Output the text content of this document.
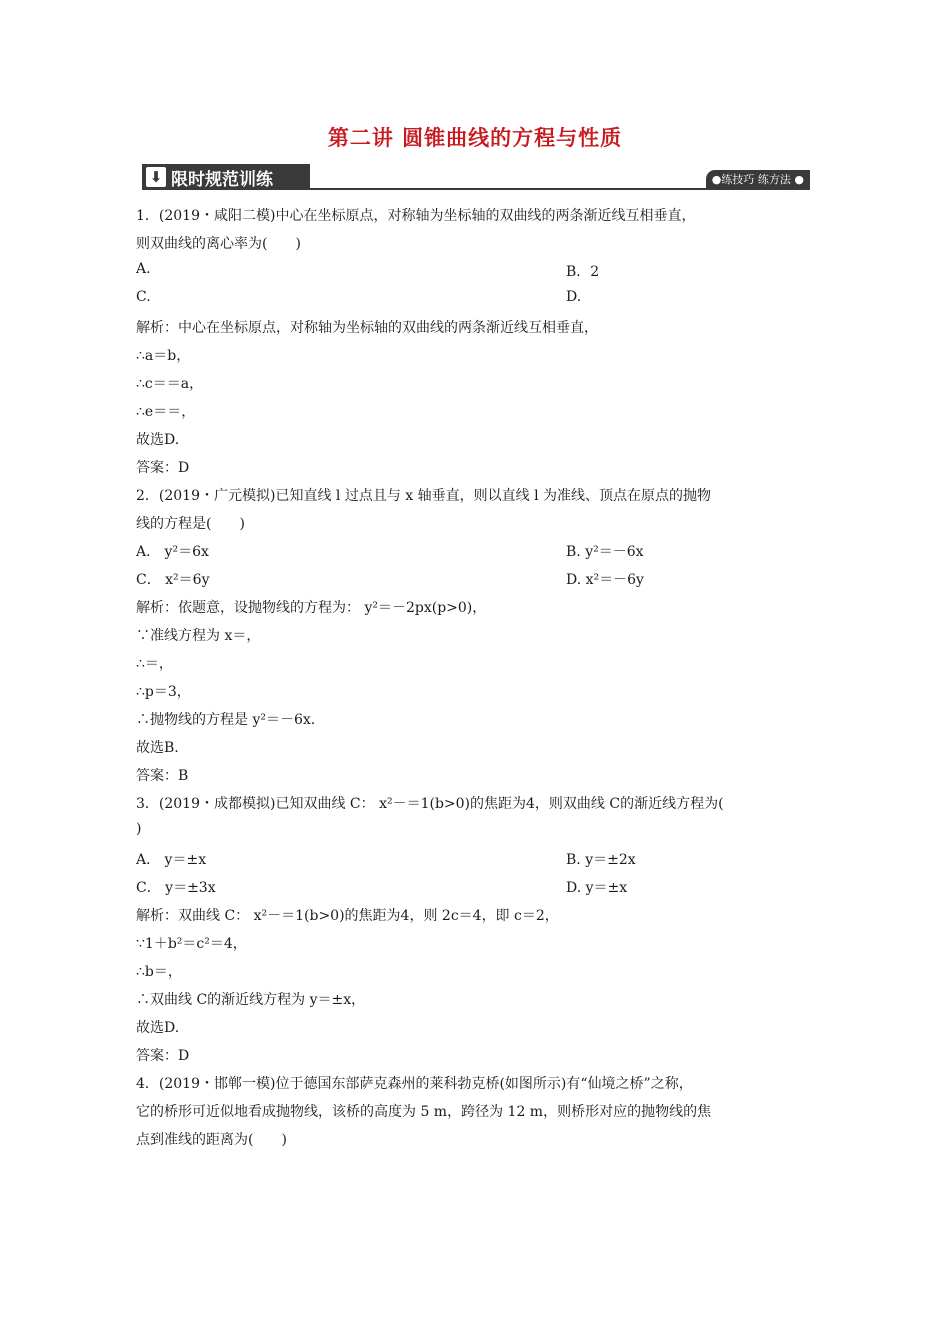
第二讲 圆锥曲线的方程与性质
⬇ 限时规范训练	●练技巧 练方法 ●
1．(2019・咸阳二模)中心在坐标原点，对称轴为坐标轴的双曲线的两条渐近线互相垂直，
则双曲线的离心率为(　　)
A.	B．2
C.	D.
解析：中心在坐标原点，对称轴为坐标轴的双曲线的两条渐近线互相垂直，
∴a＝b，
∴c＝＝a，
∴e＝＝，
故选D.
答案：D
2．(2019・广元模拟)已知直线 l 过点且与 x 轴垂直，则以直线 l 为准线、顶点在原点的抛物
线的方程是(　　)
A． y²＝6x	B. y²＝－6x
C． x²＝6y	D. x²＝－6y
解析：依题意，设抛物线的方程为： y²＝－2px(p>0)，
∵准线方程为 x＝，
∴＝，
∴p＝3，
∴抛物线的方程是 y²＝－6x.
故选B.
答案：B
3．(2019・成都模拟)已知双曲线 C： x²－＝1(b>0)的焦距为4，则双曲线 C的渐近线方程为(
)
A． y＝±x	B. y＝±2x
C． y＝±3x	D. y＝±x
解析：双曲线 C： x²－＝1(b>0)的焦距为4，则 2c＝4，即 c＝2，
∵1＋b²＝c²＝4，
∴b＝，
∴双曲线 C的渐近线方程为 y＝±x，
故选D.
答案：D
4．(2019・邯郸一模)位于德国东部萨克森州的莱科勃克桥(如图所示)有“仙境之桥”之称，
它的桥形可近似地看成抛物线，该桥的高度为 5 m，跨径为 12 m，则桥形对应的抛物线的焦
点到准线的距离为(　　)
